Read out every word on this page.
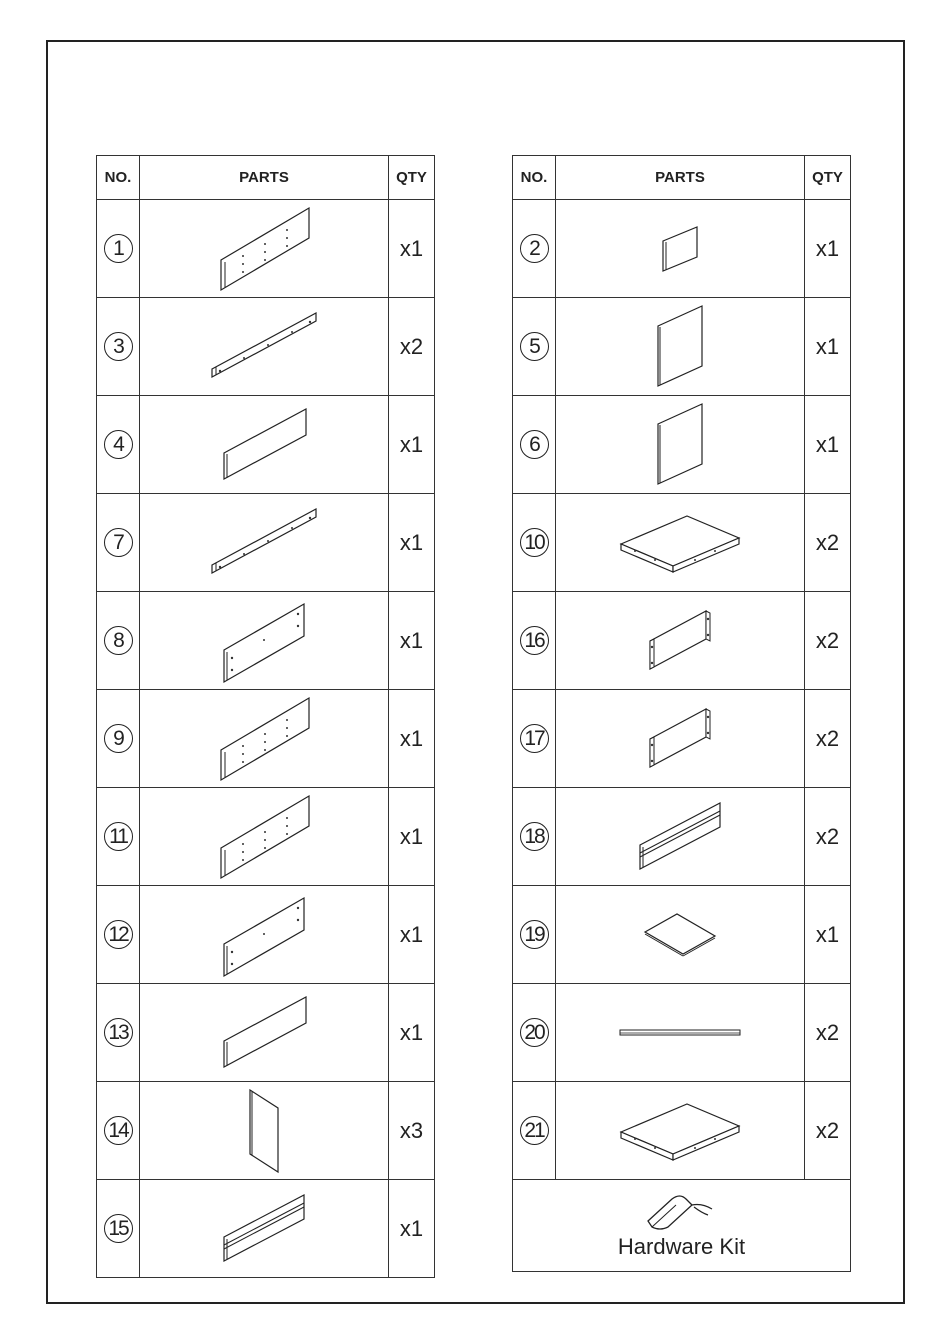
NO.	PARTS	QTY
1		x1
3		x2
4		x1
7		x1
8		x1
9		x1
11		x1
12		x1
13		x1
14		x3
15		x1
NO.	PARTS	QTY
2		x1
5		x1
6		x1
10		x2
16		x2
17		x2
18		x2
19		x1
20		x2
21		x2

Hardware Kit		
